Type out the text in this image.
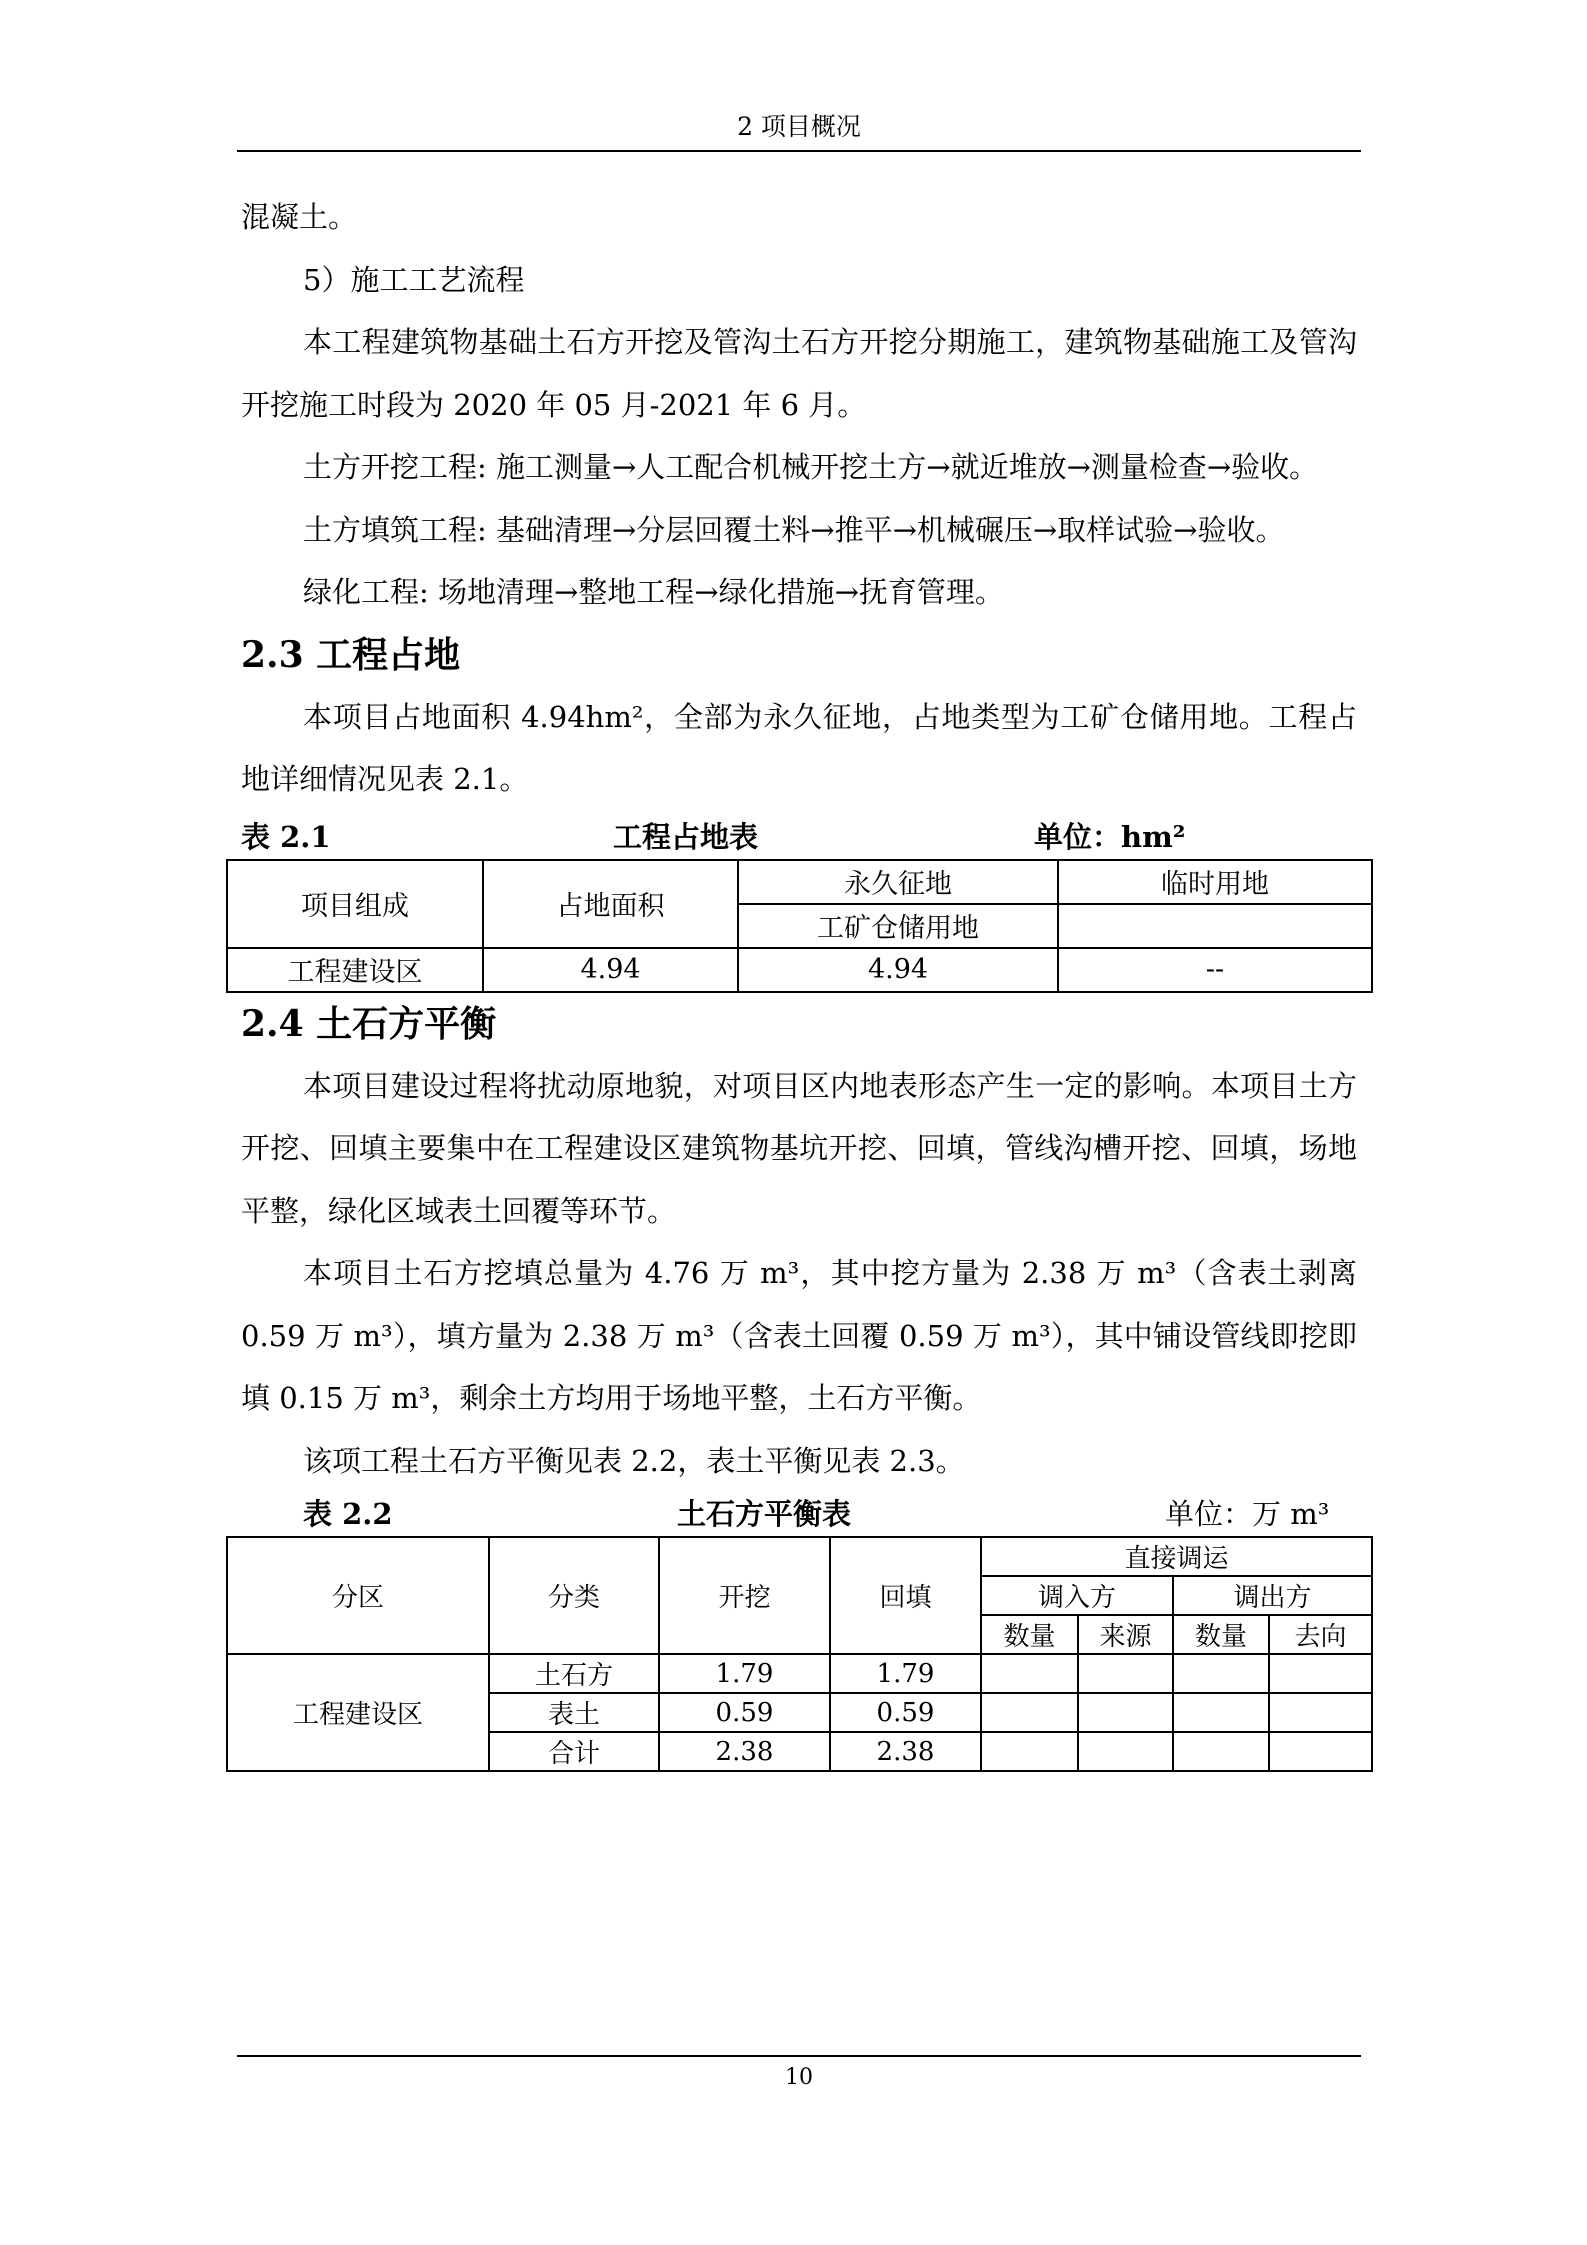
2 项目概况

混凝土。

5）施工工艺流程

本工程建筑物基础土石方开挖及管沟土石方开挖分期施工，建筑物基础施工及管沟开挖施工时段为 2020 年 05 月-2021 年 6 月。

土方开挖工程: 施工测量→人工配合机械开挖土方→就近堆放→测量检查→验收。

土方填筑工程: 基础清理→分层回覆土料→推平→机械碾压→取样试验→验收。

绿化工程: 场地清理→整地工程→绿化措施→抚育管理。

2.3 工程占地

本项目占地面积 4.94hm²，全部为永久征地，占地类型为工矿仓储用地。工程占地详细情况见表 2.1。

表 2.1	工程占地表	单位：hm²
项目组成	占地面积	永久征地	临时用地
		工矿仓储用地	
工程建设区	4.94	4.94	--
2.4 土石方平衡

本项目建设过程将扰动原地貌，对项目区内地表形态产生一定的影响。本项目土方开挖、回填主要集中在工程建设区建筑物基坑开挖、回填，管线沟槽开挖、回填，场地平整，绿化区域表土回覆等环节。

本项目土石方挖填总量为 4.76 万 m³，其中挖方量为 2.38 万 m³（含表土剥离 0.59 万 m³），填方量为 2.38 万 m³（含表土回覆 0.59 万 m³），其中铺设管线即挖即填 0.15 万 m³，剩余土方均用于场地平整，土石方平衡。

该项工程土石方平衡见表 2.2，表土平衡见表 2.3。

表 2.2	土石方平衡表	单位：万 m³
分区	分类	开挖	回填	直接调运			
				调入方		调出方	
				数量	来源	数量	去向
工程建设区	土石方	1.79	1.79				
	表土	0.59	0.59				
	合计	2.38	2.38				
10
